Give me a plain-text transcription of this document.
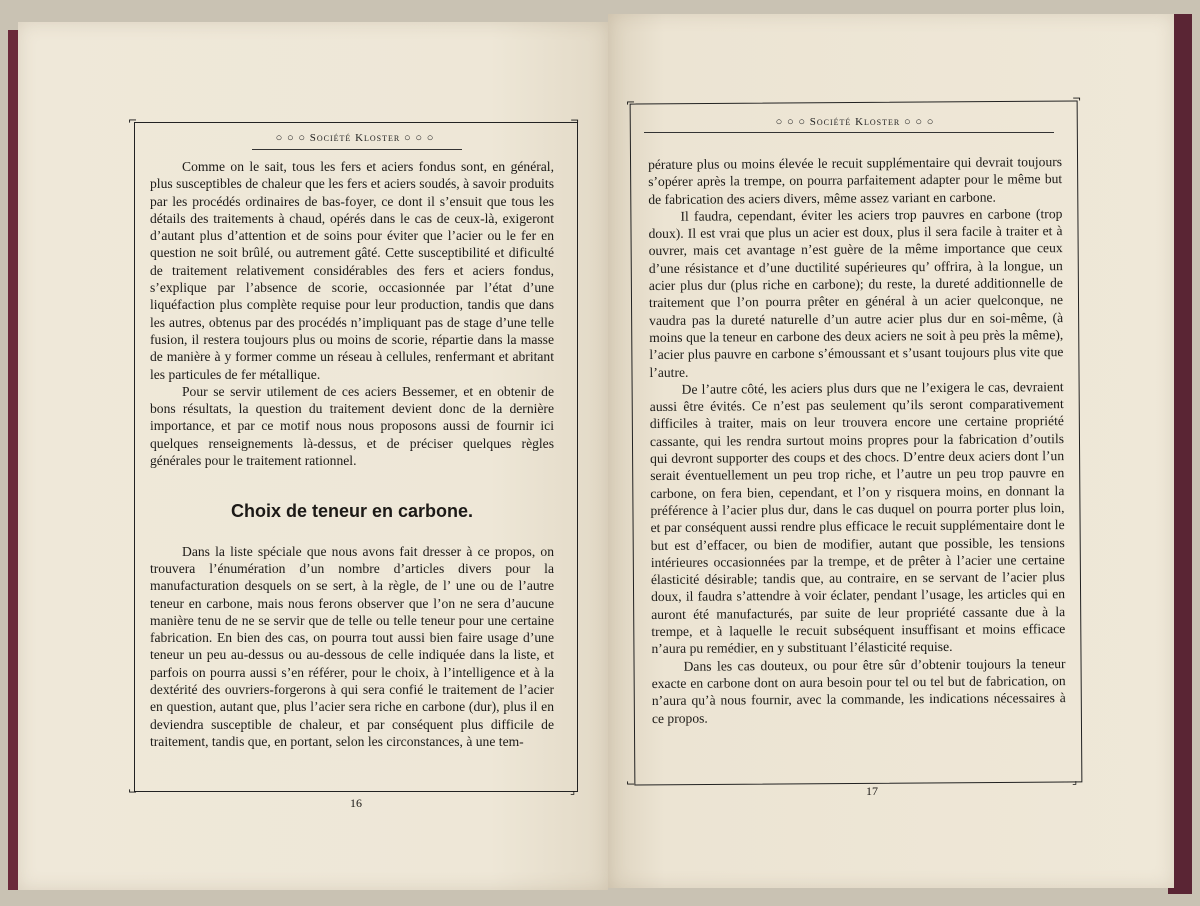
⌐	¬
⌙	⌟
○ ○ ○ Société Kloster ○ ○ ○

Comme on le sait, tous les fers et aciers fondus sont, en général, plus susceptibles de chaleur que les fers et aciers soudés, à savoir produits par les procédés ordinaires de bas-foyer, ce dont il s’ensuit que tous les détails des traitements à chaud, opérés dans le cas de ceux-là, exigeront d’autant plus d’attention et de soins pour éviter que l’acier ou le fer en question ne soit brûlé, ou autrement gâté. Cette susceptibilité et dificulté de traitement relativement considérables des fers et aciers fondus, s’explique par l’absence de scorie, occasionnée par l’état d’une liquéfaction plus complète requise pour leur production, tandis que dans les autres, obtenus par des procédés n’impliquant pas de stage d’une telle fusion, il restera toujours plus ou moins de scorie, répartie dans la masse de manière à y former comme un réseau à cellules, renfermant et abritant les particules de fer métallique.

Pour se servir utilement de ces aciers Bessemer, et en obtenir de bons résultats, la question du traitement devient donc de la dernière importance, et par ce motif nous nous proposons aussi de fournir ici quelques renseignements là-dessus, et de préciser quelques règles générales pour le traitement rationnel.

Choix de teneur en carbone.

Dans la liste spéciale que nous avons fait dresser à ce propos, on trouvera l’énumération d’un nombre d’articles divers pour la manufacturation desquels on se sert, à la règle, de l’ une ou de l’autre teneur en carbone, mais nous ferons observer que l’on ne sera d’aucune manière tenu de ne se servir que de telle ou telle teneur pour une certaine fabrication. En bien des cas, on pourra tout aussi bien faire usage d’une teneur un peu au-dessus ou au-dessous de celle indiquée dans la liste, et parfois on pourra aussi s’en référer, pour le choix, à l’intelligence et à la dextérité des ouvriers-forgerons à qui sera confié le traitement de l’acier en question, autant que, plus l’acier sera riche en carbone (dur), plus il en deviendra susceptible de chaleur, et par conséquent plus difficile de traitement, tandis que, en portant, selon les circonstances, à une tem-

16
⌐	¬
⌙	⌟
○ ○ ○ Société Kloster ○ ○ ○

pérature plus ou moins élevée le recuit supplémentaire qui devrait toujours s’opérer après la trempe, on pourra parfaitement adapter pour le même but de fabrication des aciers divers, même assez variant en carbone.

Il faudra, cependant, éviter les aciers trop pauvres en carbone (trop doux). Il est vrai que plus un acier est doux, plus il sera facile à traiter et à ouvrer, mais cet avantage n’est guère de la même importance que ceux d’une résistance et d’une ductilité supérieures qu’ offrira, à la longue, un acier plus dur (plus riche en carbone); du reste, la dureté additionnelle de traitement que l’on pourra prêter en général à un acier quelconque, ne vaudra pas la dureté naturelle d’un autre acier plus dur en soi-même, (à moins que la teneur en carbone des deux aciers ne soit à peu près la même), l’acier plus pauvre en carbone s’émoussant et s’usant toujours plus vite que l’autre.

De l’autre côté, les aciers plus durs que ne l’exigera le cas, devraient aussi être évités. Ce n’est pas seulement qu’ils seront comparativement difficiles à traiter, mais on leur trouvera encore une certaine propriété cassante, qui les rendra surtout moins propres pour la fabrication d’outils qui devront supporter des coups et des chocs. D’entre deux aciers dont l’un serait éventuellement un peu trop riche, et l’autre un peu trop pauvre en carbone, on fera bien, cependant, et l’on y risquera moins, en donnant la préférence à l’acier plus dur, dans le cas duquel on pourra porter plus loin, et par conséquent aussi rendre plus efficace le recuit supplémentaire dont le but est d’effacer, ou bien de modifier, autant que possible, les tensions intérieures occasionnées par la trempe, et de prêter à l’acier une certaine élasticité désirable; tandis que, au contraire, en se servant de l’acier plus doux, il faudra s’attendre à voir éclater, pendant l’usage, les articles qui en auront été manufacturés, par suite de leur propriété cassante due à la trempe, et à laquelle le recuit subséquent insuffisant et moins efficace n’aura pu remédier, en y substituant l’élasticité requise.

Dans les cas douteux, ou pour être sûr d’obtenir toujours la teneur exacte en carbone dont on aura besoin pour tel ou tel but de fabrication, on n’aura qu’à nous fournir, avec la commande, les indications nécessaires à ce propos.

17
